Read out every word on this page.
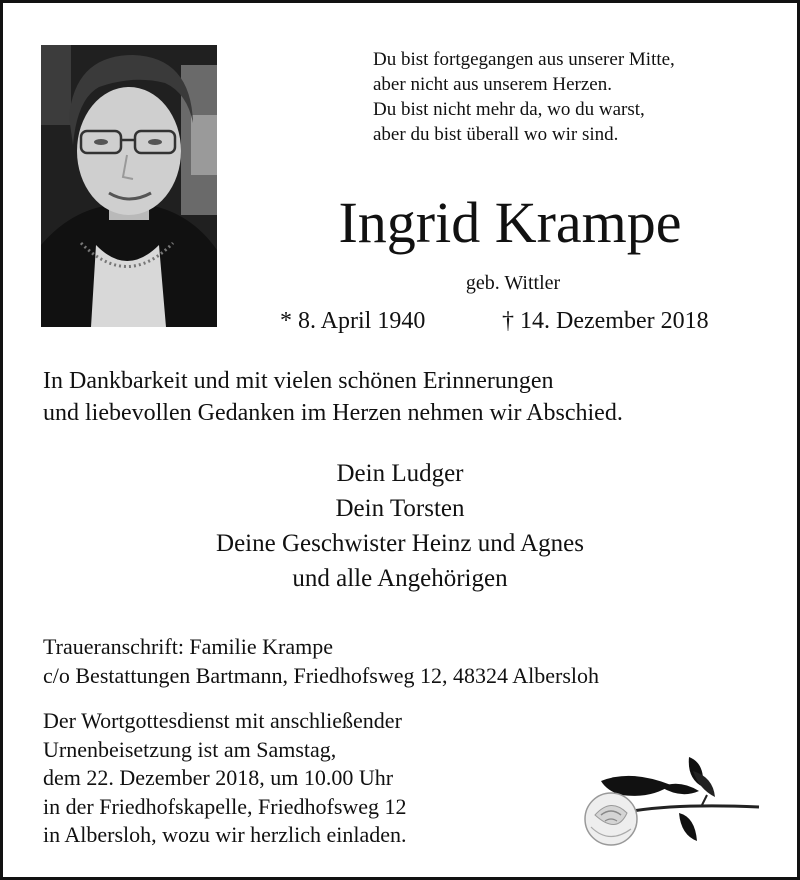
Du bist fortgegangen aus unserer Mitte,
aber nicht aus unserem Herzen.
Du bist nicht mehr da, wo du warst,
aber du bist überall wo wir sind.
Ingrid Krampe
geb. Wittler
* 8. April 1940	† 14. Dezember 2018
In Dankbarkeit und mit vielen schönen Erinnerungen
und liebevollen Gedanken im Herzen nehmen wir Abschied.
Dein Ludger
Dein Torsten
Deine Geschwister Heinz und Agnes
und alle Angehörigen
Traueranschrift: Familie Krampe
c/o Bestattungen Bartmann, Friedhofsweg 12, 48324 Albersloh
Der Wortgottesdienst mit anschließender
Urnenbeisetzung ist am Samstag,
dem 22. Dezember 2018, um 10.00 Uhr
in der Friedhofskapelle, Friedhofsweg 12
in Albersloh, wozu wir herzlich einladen.
